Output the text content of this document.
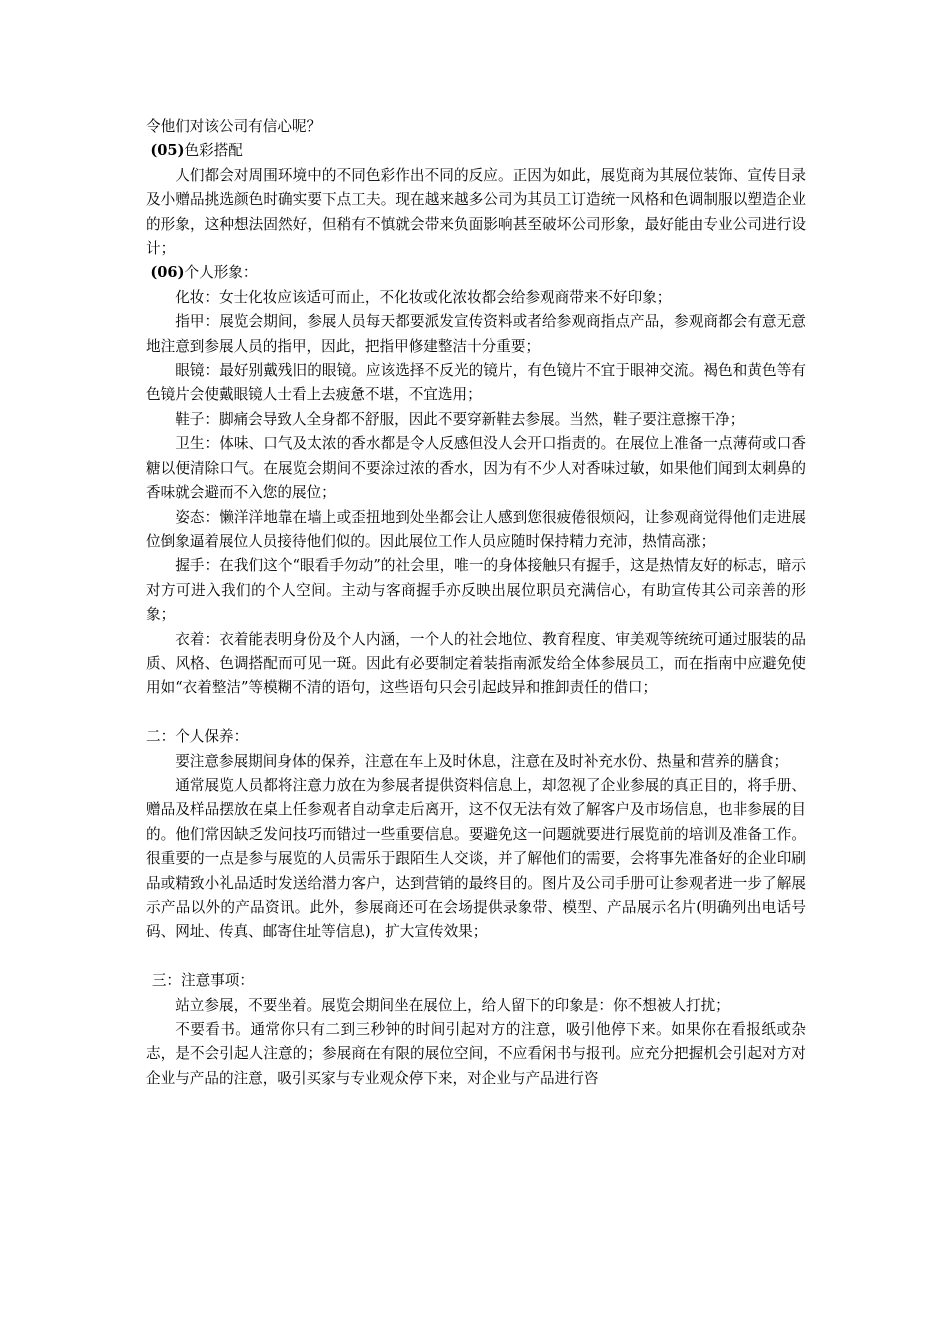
令他们对该公司有信心呢？

(05)色彩搭配

人们都会对周围环境中的不同色彩作出不同的反应。正因为如此，展览商为其展位装饰、宣传目录及小赠品挑选颜色时确实要下点工夫。现在越来越多公司为其员工订造统一风格和色调制服以塑造企业的形象，这种想法固然好，但稍有不慎就会带来负面影响甚至破坏公司形象，最好能由专业公司进行设计；

(06)个人形象：

化妆：女士化妆应该适可而止，不化妆或化浓妆都会给参观商带来不好印象；

指甲：展览会期间，参展人员每天都要派发宣传资料或者给参观商指点产品，参观商都会有意无意地注意到参展人员的指甲，因此，把指甲修建整洁十分重要；

眼镜：最好别戴残旧的眼镜。应该选择不反光的镜片，有色镜片不宜于眼神交流。褐色和黄色等有色镜片会使戴眼镜人士看上去疲惫不堪，不宜选用；

鞋子：脚痛会导致人全身都不舒服，因此不要穿新鞋去参展。当然，鞋子要注意擦干净；

卫生：体味、口气及太浓的香水都是令人反感但没人会开口指责的。在展位上准备一点薄荷或口香糖以便清除口气。在展览会期间不要涂过浓的香水，因为有不少人对香味过敏，如果他们闻到太刺鼻的香味就会避而不入您的展位；

姿态：懒洋洋地靠在墙上或歪扭地到处坐都会让人感到您很疲倦很烦闷，让参观商觉得他们走进展位倒象逼着展位人员接待他们似的。因此展位工作人员应随时保持精力充沛，热情高涨；

握手：在我们这个“眼看手勿动”的社会里，唯一的身体接触只有握手，这是热情友好的标志，暗示对方可进入我们的个人空间。主动与客商握手亦反映出展位职员充满信心，有助宣传其公司亲善的形象；

衣着：衣着能表明身份及个人内涵，一个人的社会地位、教育程度、审美观等统统可通过服装的品质、风格、色调搭配而可见一斑。因此有必要制定着装指南派发给全体参展员工，而在指南中应避免使用如“衣着整洁”等模糊不清的语句，这些语句只会引起歧异和推卸责任的借口；

二：个人保养：

要注意参展期间身体的保养，注意在车上及时休息，注意在及时补充水份、热量和营养的膳食；

通常展览人员都将注意力放在为参展者提供资料信息上，却忽视了企业参展的真正目的，将手册、赠品及样品摆放在桌上任参观者自动拿走后离开，这不仅无法有效了解客户及市场信息，也非参展的目的。他们常因缺乏发问技巧而错过一些重要信息。要避免这一问题就要进行展览前的培训及准备工作。很重要的一点是参与展览的人员需乐于跟陌生人交谈，并了解他们的需要，会将事先准备好的企业印刷品或精致小礼品适时发送给潜力客户，达到营销的最终目的。图片及公司手册可让参观者进一步了解展示产品以外的产品资讯。此外，参展商还可在会场提供录象带、模型、产品展示名片(明确列出电话号码、网址、传真、邮寄住址等信息)，扩大宣传效果；

三：注意事项：

站立参展，不要坐着。展览会期间坐在展位上，给人留下的印象是：你不想被人打扰；

不要看书。通常你只有二到三秒钟的时间引起对方的注意，吸引他停下来。如果你在看报纸或杂志，是不会引起人注意的；参展商在有限的展位空间，不应看闲书与报刊。应充分把握机会引起对方对企业与产品的注意，吸引买家与专业观众停下来，对企业与产品进行咨
